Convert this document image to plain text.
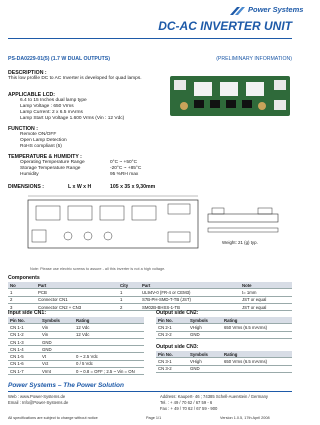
Power Systems
DC-AC INVERTER UNIT
PS-DA0229-01(5) (1.7 W DUAL OUTPUTS)	(PRELIMINARY INFORMATION)
DESCRIPTION :
This low profile DC to AC Inverter is developed for quad lamps.
APPLICABLE LCD:
6.4 to 15 Inches dual lamp type
Lamp Voltage : 650 Vrms
Lamp Current: 2 x 6.5 mArms
Lamp Start Up Voltage 1.600 Vrms (Vin : 12 Vdc)
FUNCTION :
Remote ON/OFF
Open Lamp Detection
RoHS compliant (5)
TEMPERATURE & HUMIDITY :
Operating Temperature Range	0°C ~ +50°C
Storage Temperature Range	-20°C ~ +85°C
Humidity	95 %RH max
DIMENSIONS :	L x W x H	105 x 35 x 9,30mm
Weight: 21 (g) typ.
Note: Please use electric screws to assure - all this inverter is not a high voltage.
Components
No	Part	City	Part	Note
1	PCB	1	UL94V-0 (FR-4 or CEM3)	t= 1mm
2	Connector CN1	1	S7B-PH-SMD-T-TB (JST)	JST or equal
3	Connector CN2 + CN3	2	SM02B-BHSS-1-TB	JST or equal
Input side CN1:
Pin No.	Symbols	Rating
CN 1-1	Vin	12 Vdc
CN 1-2	Vin	12 Vdc
CN 1-3	GND	
CN 1-4	GND	
CN 1-5	Vt	0 ~ 2.5 Vdc
CN 1-6	Vct	0 / 5 Vdc
CN 1-7	Vrmt	0 ~ 0.8 = OFF ; 2.5 ~ Vin = ON
Output side CN2:
Pin No.	Symbols	Rating
CN 2-1	VHigh	650 Vrms (6.5 mArms)
CN 2-2	GND	
Output side CN3:
Pin No.	Symbols	Rating
CN 3-1	VHigh	650 Vrms (6.5 mArms)
CN 3-2	GND	
Power Systems – The Power Solution
Web : www.Power-Systems.de
Email : Info@Power-Systems.de
Address: Kaupert- 46 ; 74385 Schell-Auenstein / Germany
Tel. : + 49 / 70 62 / 67 59 - 6
Fax : + 49 / 70 62 / 67 59 - 900
All specifications are subject to change without notice	Page 1/1	Version 1.0.5, 17th April 2008
